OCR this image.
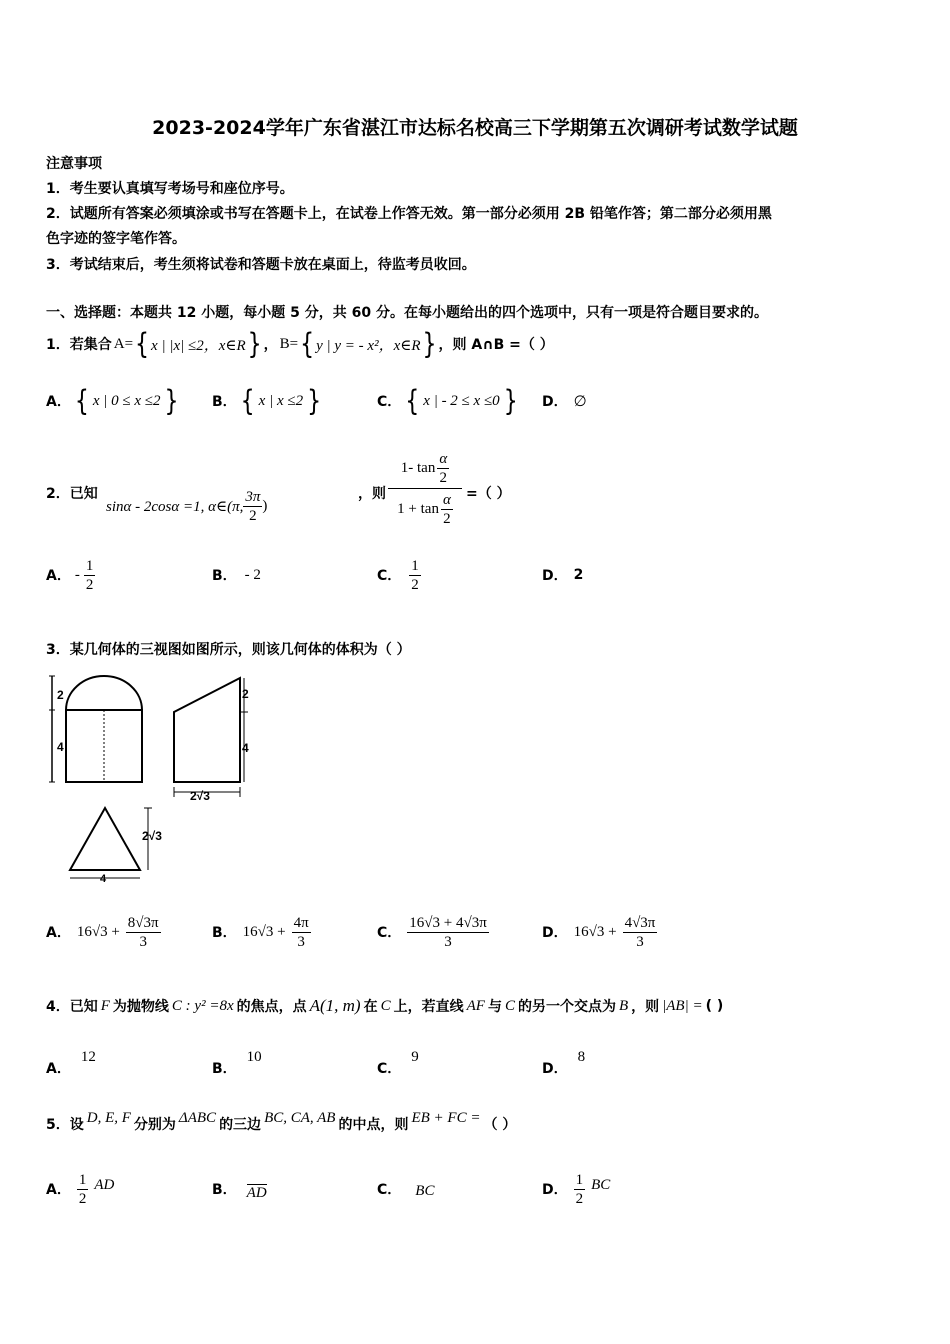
2023-2024学年广东省湛江市达标名校高三下学期第五次调研考试数学试题
注意事项
1．考生要认真填写考场号和座位序号。
2．试题所有答案必须填涂或书写在答题卡上，在试卷上作答无效。第一部分必须用 2B 铅笔作答；第二部分必须用黑
色字迹的签字笔作答。
3．考试结束后，考生须将试卷和答题卡放在桌面上，待监考员收回。
一、选择题：本题共 12 小题，每小题 5 分，共 60 分。在每小题给出的四个选项中，只有一项是符合题目要求的。
1．若集合 A= { x | |x| ≤2，x∈R } ， B= { y | y = - x²，x∈R } ，则 A∩B =（ ）
A． { x | 0 ≤ x ≤2 } B． { x | x ≤2 }	C． { x | - 2 ≤ x ≤0 } D． ∅
2．已知
sinα - 2cosα =1, α∈(π, $\frac{3\pi}{2}$ )
，则 $\frac{1- \tan \frac{\alpha}{2}}{1 + \tan \frac{\alpha}{2}}$ =（ ）
A． - $\frac{1}{2}$	B． - 2	C． $\frac{1}{2}$	D． 2
3．某几何体的三视图如图所示，则该几何体的体积为（ ）
2
4
2
4
2√3
2√3
4
A． $16√3 + \frac{8√3\pi}{3}$	B． $16√3 + \frac{4\pi}{3}$	C． $\frac{16√3 + 4√3\pi}{3}$	D． $16√3 + \frac{4√3\pi}{3}$
4．已知 F 为抛物线 C : y² =8x 的焦点，点 A(1, m) 在 C 上，若直线 AF 与 C 的另一个交点为 B ，则 |AB| = ( )
A．
12
B．
10
C．
9
D．
8
5．设 D, E, F 分别为 ΔABC 的三边 BC, CA, AB 的中点，则 EB + FC = （ ）
A． $\frac{1}{2}$ AD	B． AD	C． BC	D． $\frac{1}{2}$ BC
